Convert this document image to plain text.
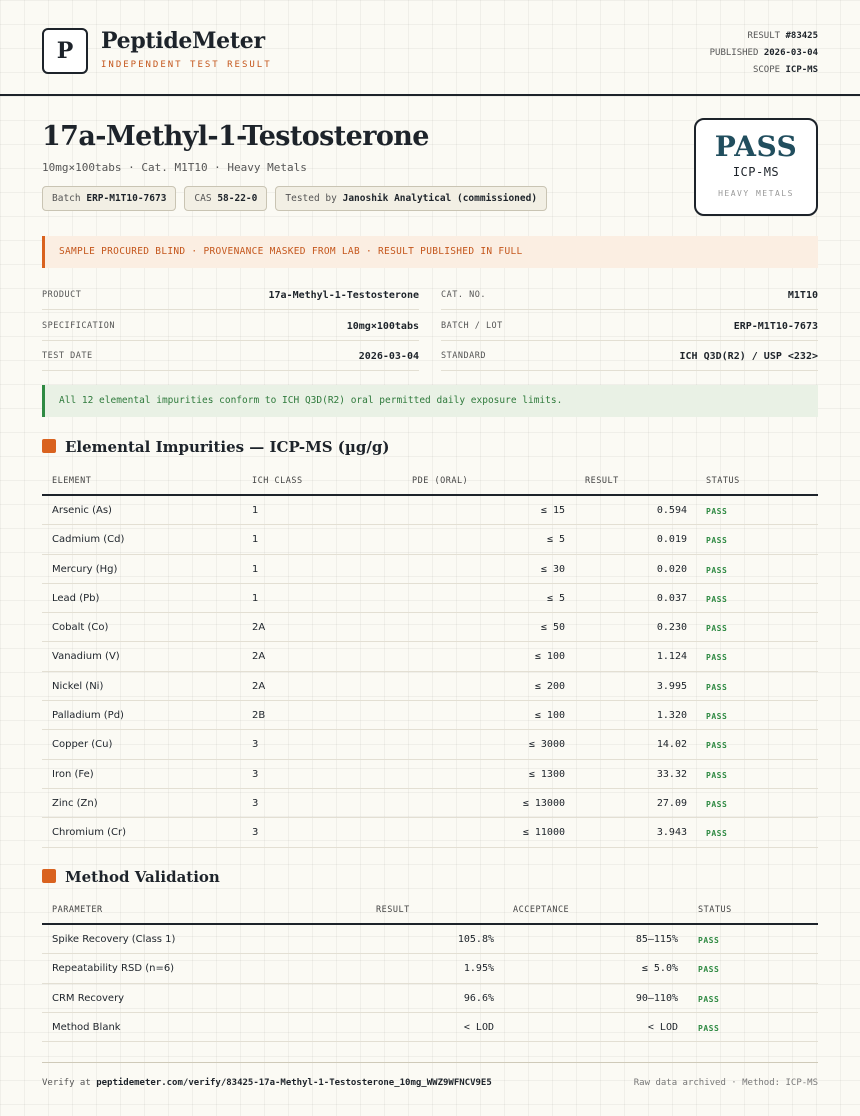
P	PeptideMeter
INDEPENDENT TEST RESULT
RESULT #83425
PUBLISHED 2026-03-04
SCOPE ICP-MS
17a-Methyl-1-Testosterone
10mg×100tabs · Cat. M1T10 · Heavy Metals
Batch ERP-M1T10-7673	CAS 58-22-0	Tested by Janoshik Analytical (commissioned)
PASS
ICP-MS
HEAVY METALS
SAMPLE PROCURED BLIND · PROVENANCE MASKED FROM LAB · RESULT PUBLISHED IN FULL
PRODUCT	17a-Methyl-1-Testosterone
SPECIFICATION	10mg×100tabs
TEST DATE	2026-03-04
CAT. NO.	M1T10
BATCH / LOT	ERP-M1T10-7673
STANDARD	ICH Q3D(R2) / USP <232>
All 12 elemental impurities conform to ICH Q3D(R2) oral permitted daily exposure limits.
Elemental Impurities — ICP-MS (µg/g)
ELEMENT	ICH CLASS	PDE (ORAL)	RESULT	STATUS
Arsenic (As)	1	≤ 15	0.594 PASS
Cadmium (Cd)	1	≤ 5	0.019 PASS
Mercury (Hg)	1	≤ 30	0.020 PASS
Lead (Pb)	1	≤ 5	0.037 PASS
Cobalt (Co)	2A	≤ 50	0.230 PASS
Vanadium (V)	2A	≤ 100	1.124 PASS
Nickel (Ni)	2A	≤ 200	3.995 PASS
Palladium (Pd)	2B	≤ 100	1.320 PASS
Copper (Cu)	3	≤ 3000	14.02 PASS
Iron (Fe)	3	≤ 1300	33.32 PASS
Zinc (Zn)	3	≤ 13000	27.09 PASS
Chromium (Cr)	3	≤ 11000	3.943 PASS
Method Validation
PARAMETER	RESULT	ACCEPTANCE	STATUS
Spike Recovery (Class 1)	105.8%	85–115%	PASS
Repeatability RSD (n=6)	1.95%	≤ 5.0%	PASS
CRM Recovery	96.6%	90–110%	PASS
Method Blank	< LOD	< LOD	PASS
Verify at peptidemeter.com/verify/83425-17a-Methyl-1-Testosterone_10mg_WWZ9WFNCV9E5	Raw data archived · Method: ICP-MS
